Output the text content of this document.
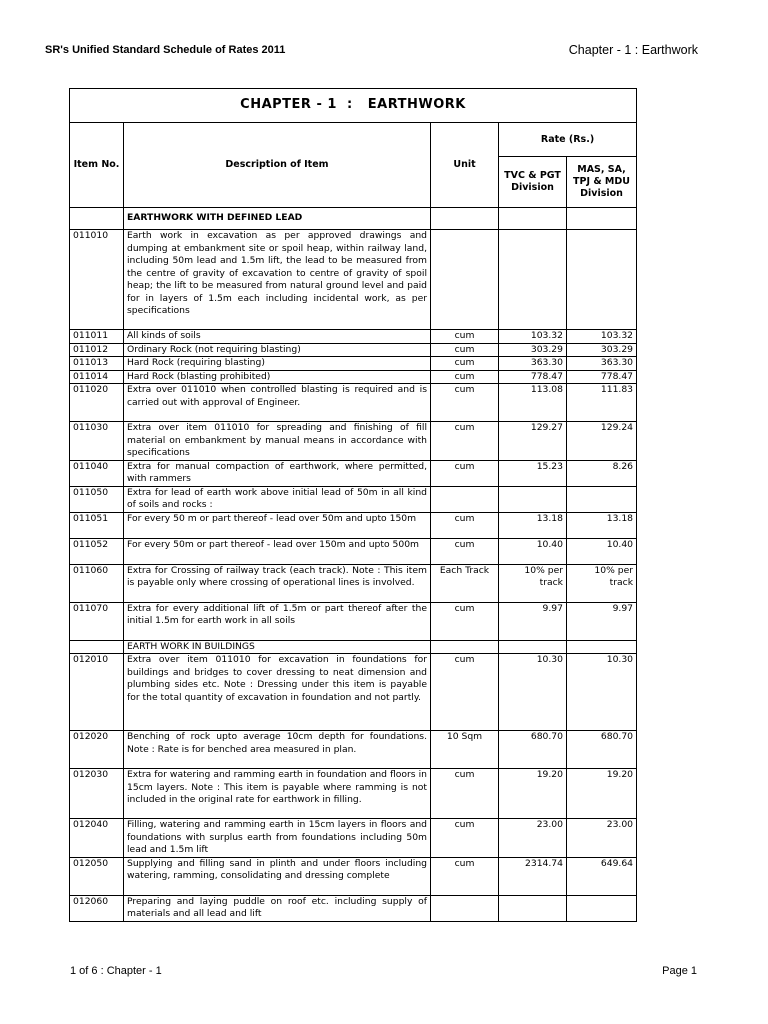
SR's Unified Standard Schedule of Rates 2011	Chapter - 1 : Earthwork
CHAPTER - 1  :   EARTHWORK				
Item No.	Description of Item	Unit	Rate (Rs.)	
			TVC & PGT Division	MAS, SA, TPJ & MDU Division
	EARTHWORK WITH DEFINED LEAD			
011010	Earth work in excavation as per approved drawings and dumping at embankment site or spoil heap, within railway land, including 50m lead and 1.5m lift, the lead to be measured from the centre of gravity of excavation to centre of gravity of spoil heap; the lift to be measured from natural ground level and paid for in layers of 1.5m each including incidental work, as per specifications			
011011	All kinds of soils	cum	103.32	103.32
011012	Ordinary Rock (not requiring blasting)	cum	303.29	303.29
011013	Hard Rock (requiring blasting)	cum	363.30	363.30
011014	Hard Rock (blasting prohibited)	cum	778.47	778.47
011020	Extra over 011010 when controlled blasting is required and is carried out with approval of Engineer.	cum	113.08	111.83
011030	Extra over item 011010 for spreading and finishing of fill material on embankment by manual means in accordance with specifications	cum	129.27	129.24
011040	Extra for manual compaction of earthwork, where permitted, with rammers	cum	15.23	8.26
011050	Extra for lead of earth work above initial lead of 50m in all kind of soils and rocks :			
011051	For every 50 m or part thereof - lead over 50m and upto 150m	cum	13.18	13.18
011052	For every 50m or part thereof - lead over 150m and upto 500m	cum	10.40	10.40
011060	Extra for Crossing of railway track (each track). Note : This item is payable only where crossing of operational lines is involved.	Each Track	10% per track	10% per track
011070	Extra for every additional lift of 1.5m or part thereof after the initial 1.5m for earth work in all soils	cum	9.97	9.97
	EARTH WORK IN BUILDINGS			
012010	Extra over item 011010 for excavation in foundations for buildings and bridges to cover dressing to neat dimension and plumbing sides etc. Note : Dressing under this item is payable for the total quantity of excavation in foundation and not partly.	cum	10.30	10.30
012020	Benching of rock upto average 10cm depth for foundations. Note : Rate is for benched area measured in plan.	10 Sqm	680.70	680.70
012030	Extra for watering and ramming earth in foundation and floors in 15cm layers. Note : This item is payable where ramming is not included in the original rate for earthwork in filling.	cum	19.20	19.20
012040	Filling, watering and ramming earth in 15cm layers in floors and foundations with surplus earth from foundations including 50m lead and 1.5m lift	cum	23.00	23.00
012050	Supplying and filling sand in plinth and under floors including watering, ramming, consolidating and dressing complete	cum	2314.74	649.64
012060	Preparing and laying puddle on roof etc. including supply of materials and all lead and lift			
1 of 6 : Chapter - 1	Page 1
